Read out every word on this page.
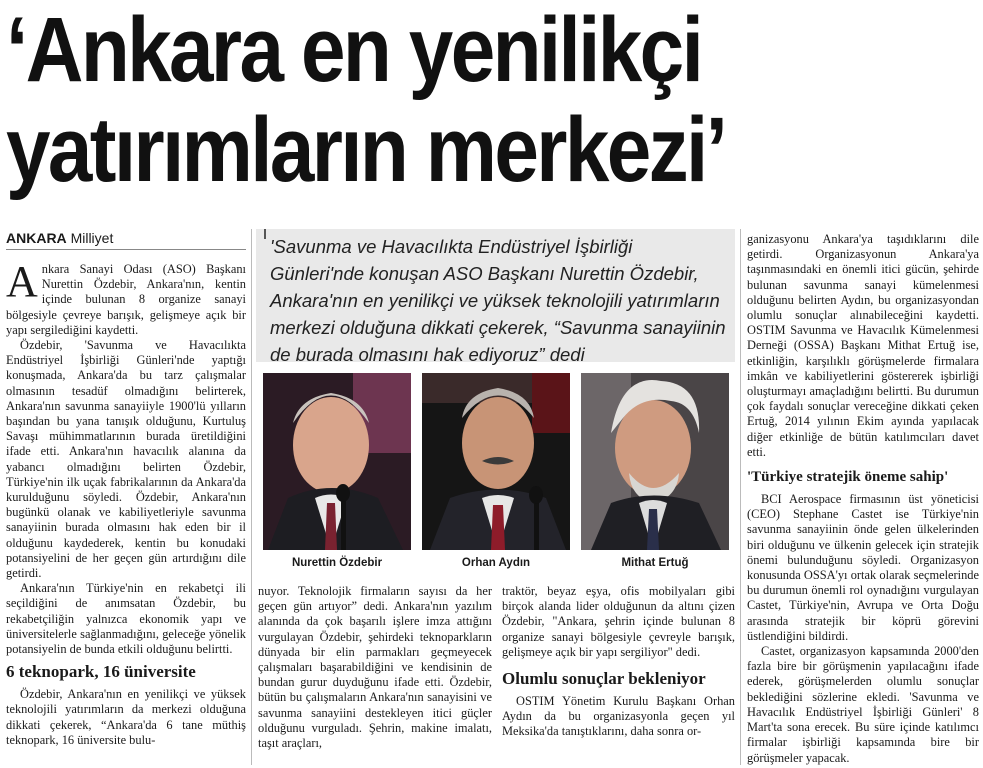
‘Ankara en yenilikçi
yatırımların merkezi’
ANKARA Milliyet

Ankara Sanayi Odası (ASO) Başkanı Nurettin Özdebir, Ankara'nın, kentin içinde bulunan 8 organize sanayi bölgesiyle çevreye barışık, gelişmeye açık bir yapı sergilediğini kaydetti.

Özdebir, 'Savunma ve Havacılıkta Endüstriyel İşbirliği Günleri'nde yaptığı konuşmada, Ankara'da bu tarz çalışmalar olmasının tesadüf olmadığını belirterek, Ankara'nın savunma sanayiiyle 1900'lü yılların başından bu yana tanışık olduğunu, Kurtuluş Savaşı mühimmatlarının burada üretildiğini ifade etti. Ankara'nın havacılık alanına da yabancı olmadığını belirten Özdebir, Türkiye'nin ilk uçak fabrikalarının da Ankara'da kurulduğunu söyledi. Özdebir, Ankara'nın bugünkü olanak ve kabiliyetleriyle savunma sanayiinin burada olmasını hak eden bir il olduğunu kaydederek, kentin bu konudaki potansiyelini de her geçen gün artırdığını dile getirdi.

Ankara'nın Türkiye'nin en rekabetçi ili seçildiğini de anımsatan Özdebir, bu rekabetçiliğin yalnızca ekonomik yapı ve üniversitelerle sağlanmadığını, geleceğe yönelik potansiyelin de bunda etkili olduğunu belirtti.

6 teknopark, 16 üniversite

Özdebir, Ankara'nın en yenilikçi ve yüksek teknolojili yatırımların da merkezi olduğuna dikkati çekerek, “Ankara'da 6 tane müthiş teknopark, 16 üniversite bulu-

'Savunma ve Havacılıkta Endüstriyel İşbirliği Günleri'nde konuşan ASO Başkanı Nurettin Özdebir, Ankara'nın en yenilikçi ve yüksek teknolojili yatırımların merkezi olduğuna dikkati çekerek, “Savunma sanayiinin de burada olmasını hak ediyoruz” dedi

Nurettin Özdebir	Orhan Aydın	Mithat Ertuğ

nuyor. Teknolojik firmaların sayısı da her geçen gün artıyor” dedi. Ankara'nın yazılım alanında da çok başarılı işlere imza attığını vurgulayan Özdebir, şehirdeki teknoparkların dünyada bir elin parmakları geçmeyecek çalışmaları başarabildiğini ve kendisinin de bundan gurur duyduğunu ifade etti. Özdebir, bütün bu çalışmaların Ankara'nın sanayisini ve savunma sanayiini destekleyen itici güçler olduğunu vurguladı. Şehrin, makine imalatı, taşıt araçları,

traktör, beyaz eşya, ofis mobilyaları gibi birçok alanda lider olduğunun da altını çizen Özdebir, "Ankara, şehrin içinde bulunan 8 organize sanayi bölgesiyle çevreyle barışık, gelişmeye açık bir yapı sergiliyor" dedi.

Olumlu sonuçlar bekleniyor

OSTIM Yönetim Kurulu Başkanı Orhan Aydın da bu organizasyonla geçen yıl Meksika'da tanıştıklarını, daha sonra or-

ganizasyonu Ankara'ya taşıdıklarını dile getirdi. Organizasyonun Ankara'ya taşınmasındaki en önemli itici gücün, şehirde bulunan savunma sanayi kümelenmesi olduğunu belirten Aydın, bu organizasyondan olumlu sonuçlar alınabileceğini kaydetti. OSTIM Savunma ve Havacılık Kümelenmesi Derneği (OSSA) Başkanı Mithat Ertuğ ise, etkinliğin, karşılıklı görüşmelerde firmalara imkân ve kabiliyetlerini göstererek işbirliği oluşturmayı amaçladığını belirtti. Bu durumun çok faydalı sonuçlar vereceğine dikkati çeken Ertuğ, 2014 yılının Ekim ayında yapılacak diğer etkinliğe de bütün katılımcıları davet etti.

'Türkiye stratejik öneme sahip'

BCI Aerospace firmasının üst yöneticisi (CEO) Stephane Castet ise Türkiye'nin savunma sanayiinin önde gelen ülkelerinden biri olduğunu ve ülkenin gelecek için stratejik önemi bulunduğunu söyledi. Organizasyon konusunda OSSA'yı ortak olarak seçmelerinde bu durumun önemli rol oynadığını vurgulayan Castet, Türkiye'nin, Avrupa ve Orta Doğu arasında stratejik bir köprü görevini üstlendiğini bildirdi.

Castet, organizasyon kapsamında 2000'den fazla bire bir görüşmenin yapılacağını ifade ederek, görüşmelerden olumlu sonuçlar beklediğini sözlerine ekledi. 'Savunma ve Havacılık Endüstriyel İşbirliği Günleri' 8 Mart'ta sona erecek. Bu süre içinde katılımcı firmalar işbirliği kapsamında bire bir görüşmeler yapacak.
